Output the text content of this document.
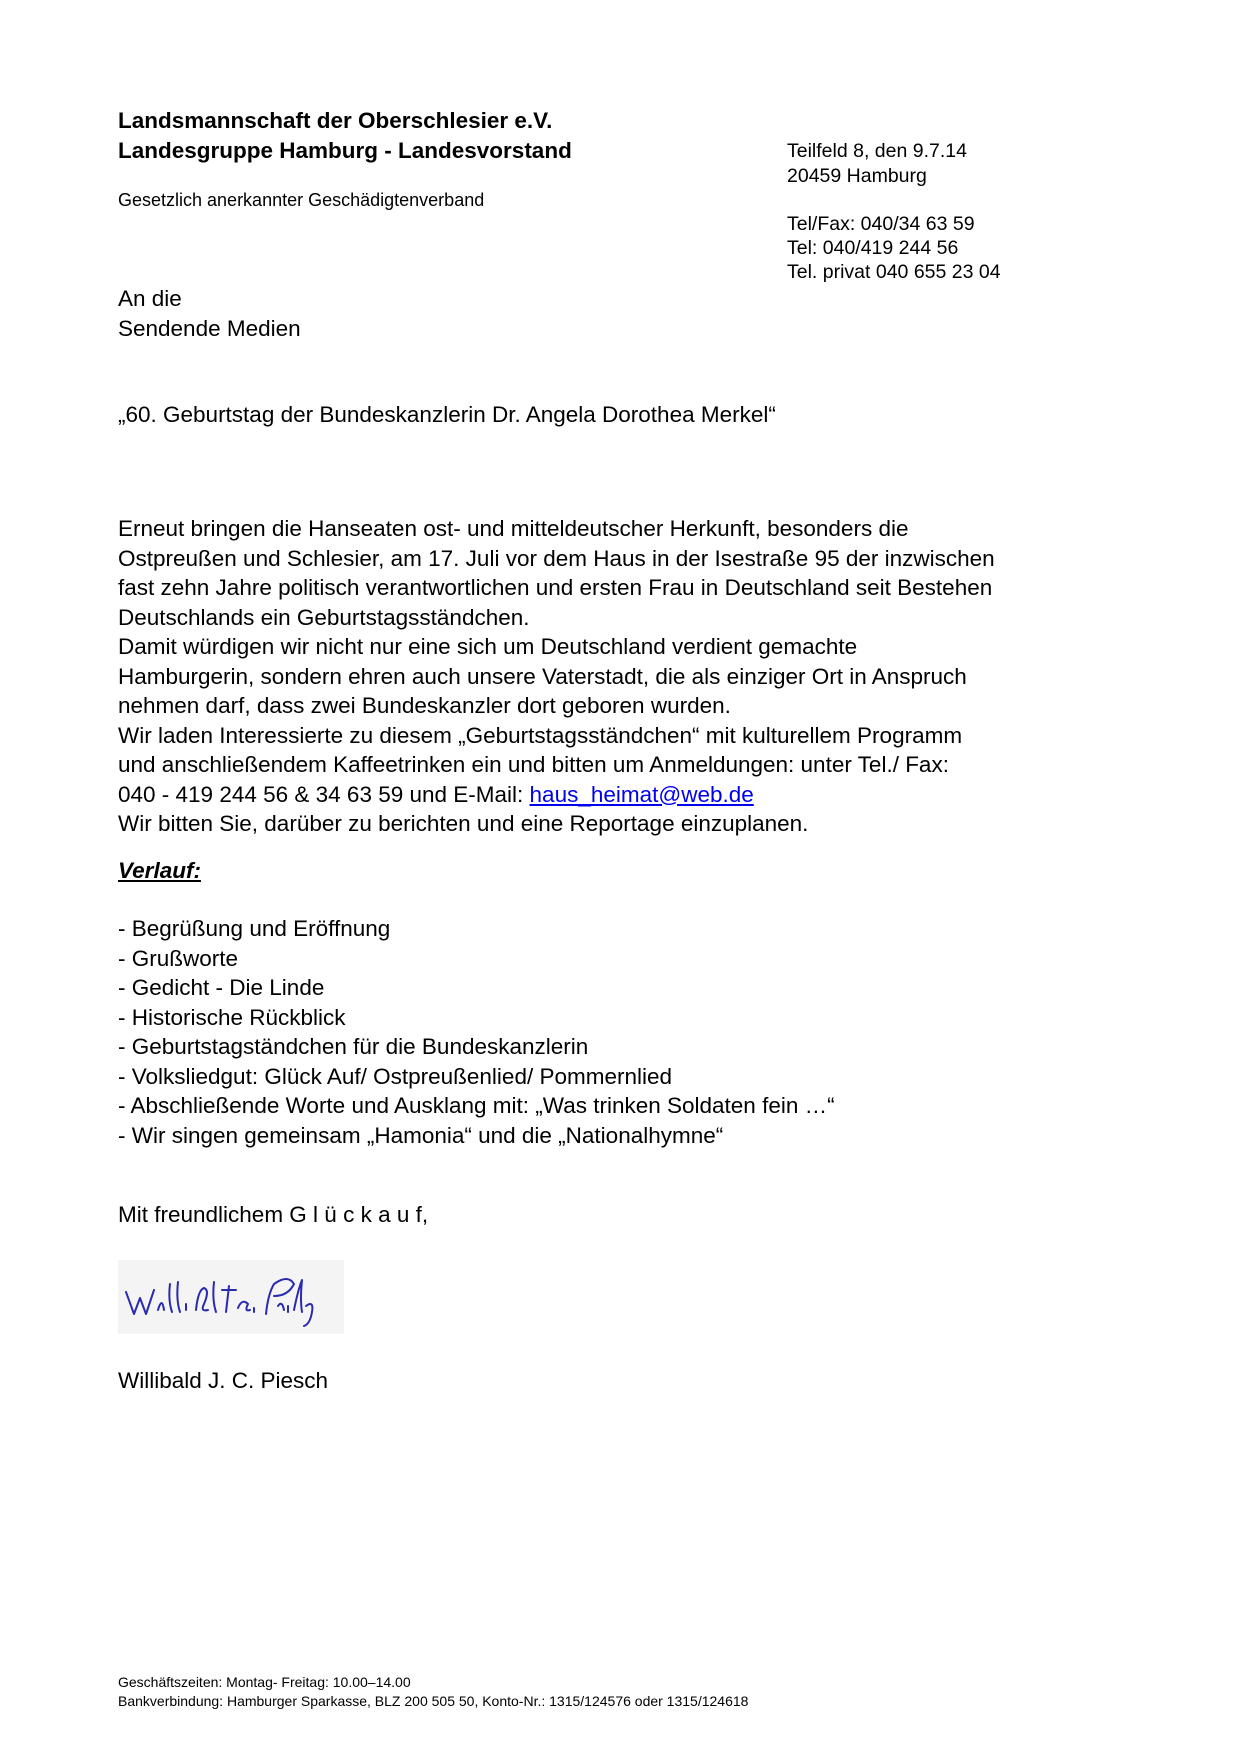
Landsmannschaft der Oberschlesier e.V.
Landesgruppe Hamburg - Landesvorstand
Gesetzlich anerkannter Geschädigtenverband
Teilfeld 8, den 9.7.14
20459 Hamburg
Tel/Fax: 040/34 63 59
Tel: 040/419 244 56
Tel. privat 040 655 23 04
An die
Sendende Medien
„60. Geburtstag der Bundeskanzlerin Dr. Angela Dorothea Merkel“
Erneut bringen die Hanseaten ost- und mitteldeutscher Herkunft, besonders die
Ostpreußen und Schlesier, am 17. Juli vor dem Haus in der Isestraße 95 der inzwischen
fast zehn Jahre politisch verantwortlichen und ersten Frau in Deutschland seit Bestehen
Deutschlands ein Geburtstagsständchen.
Damit würdigen wir nicht nur eine sich um Deutschland verdient gemachte
Hamburgerin, sondern ehren auch unsere Vaterstadt, die als einziger Ort in Anspruch
nehmen darf, dass zwei Bundeskanzler dort geboren wurden.
Wir laden Interessierte zu diesem „Geburtstagsständchen“ mit kulturellem Programm
und anschließendem Kaffeetrinken ein und bitten um Anmeldungen: unter Tel./ Fax:
040 - 419 244 56 & 34 63 59 und E-Mail: haus_heimat@web.de
Wir bitten Sie, darüber zu berichten und eine Reportage einzuplanen.
Verlauf:
- Begrüßung und Eröffnung
- Grußworte
- Gedicht - Die Linde
- Historische Rückblick
- Geburtstagständchen für die Bundeskanzlerin
- Volksliedgut: Glück Auf/ Ostpreußenlied/ Pommernlied
- Abschließende Worte und Ausklang mit: „Was trinken Soldaten fein …“
- Wir singen gemeinsam „Hamonia“ und die „Nationalhymne“
Mit freundlichem G l ü c k a u f,
Willibald J. C. Piesch
Geschäftszeiten: Montag- Freitag: 10.00–14.00
Bankverbindung: Hamburger Sparkasse, BLZ 200 505 50, Konto-Nr.: 1315/124576 oder 1315/124618
